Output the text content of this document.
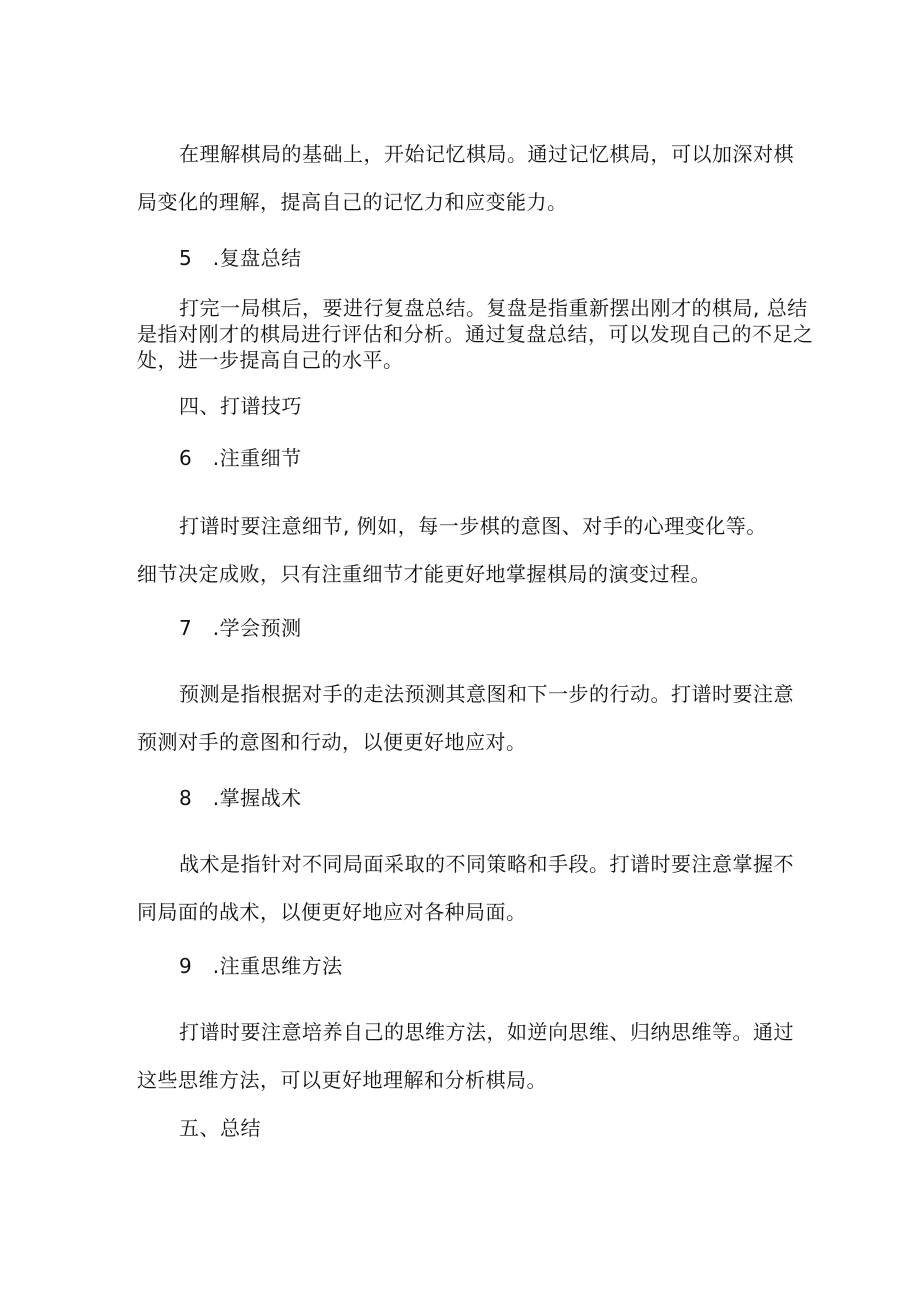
在理解棋局的基础上，开始记忆棋局。通过记忆棋局，可以加深对棋
局变化的理解，提高自己的记忆力和应变能力。
5　.复盘总结
打完一局棋后，要进行复盘总结。复盘是指重新摆出刚才的棋局, 总结
是指对刚才的棋局进行评估和分析。通过复盘总结，可以发现自己的不足之
处，进一步提高自己的水平。
四、打谱技巧
6　.注重细节
打谱时要注意细节, 例如，每一步棋的意图、对手的心理变化等。
细节决定成败，只有注重细节才能更好地掌握棋局的演变过程。
7　.学会预测
预测是指根据对手的走法预测其意图和下一步的行动。打谱时要注意
预测对手的意图和行动，以便更好地应对。
8　.掌握战术
战术是指针对不同局面采取的不同策略和手段。打谱时要注意掌握不
同局面的战术，以便更好地应对各种局面。
9　.注重思维方法
打谱时要注意培养自己的思维方法，如逆向思维、归纳思维等。通过
这些思维方法，可以更好地理解和分析棋局。
五、总结
